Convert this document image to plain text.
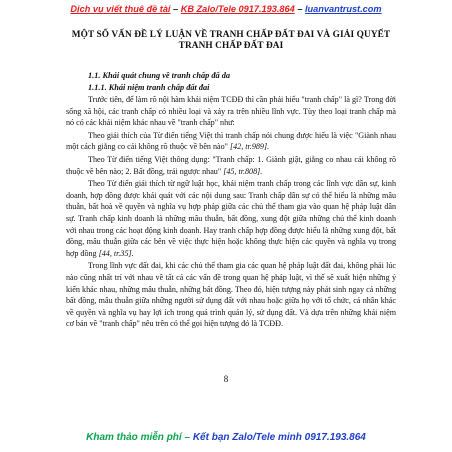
Dịch vụ viết thuê đề tài – KB Zalo/Tele 0917.193.864 – luanvantrust.com
MỘT SỐ VẤN ĐỀ LÝ LUẬN VỀ TRANH CHẤP ĐẤT ĐAI VÀ GIẢI QUYẾT TRANH CHẤP ĐẤT ĐAI
1.1. Khái quát chung về tranh chấp đấ da
1.1.1. Khái niệm tranh chấp đất đai

Trước tiên, để làm rõ nội hàm khái niệm TCĐĐ thì cần phải hiểu "tranh chấp" là gì? Trong đời sống xã hội, các tranh chấp có nhiều loại và xảy ra trên nhiều lĩnh vực. Tùy theo loại tranh chấp mà nó có các khái niệm khác nhau về "tranh chấp" như:

Theo giải thích của Từ điển tiếng Việt thì tranh chấp nói chung được hiểu là việc "Giành nhau một cách giằng co cái không rõ thuộc về bên nào" [42, tr.989].

Theo Từ điển tiếng Việt thông dụng: "Tranh chấp: 1. Giành giật, giằng co nhau cái không rõ thuộc về bên nào; 2. Bất đồng, trái ngược nhau" [45, tr.808].

Theo Từ điển giải thích từ ngữ luật học, khái niệm tranh chấp trong các lĩnh vực dân sự, kinh doanh, hợp đồng được khái quát với các nội dung sau: Tranh chấp dân sự có thể hiểu là những mâu thuẫn, bất hoà về quyền và nghĩa vụ hợp pháp giữa các chủ thể tham gia vào quan hệ pháp luật dân sự. Tranh chấp kinh doanh là những mâu thuẫn, bất đồng, xung đột giữa những chủ thể kinh doanh với nhau trong các hoạt động kinh doanh. Hay tranh chấp hợp đồng được hiểu là những xung đột, bất đồng, mâu thuẫn giữa các bên về việc thực hiện hoặc không thực hiện các quyền và nghĩa vụ trong hợp đồng [44, tr.35].

Trong lĩnh vực đất đai, khi các chủ thể tham gia các quan hệ pháp luật đất đai, không phải lúc nào cũng nhất trí với nhau về tất cả các vấn đề trong quan hệ pháp luật, vì thế sẽ xuất hiện những ý kiến khác nhau, những mâu thuẫn, những bất đồng. Theo đó, hiện tượng này phát sinh ngay cả những bất đồng, mâu thuẫn giữa những người sử dụng đất với nhau hoặc giữa họ với tổ chức, cá nhân khác về quyền và nghĩa vụ hay lợi ích trong quá trình quản lý, sử dụng đất. Và dựa trên những khái niệm cơ bản về "tranh chấp" nêu trên có thể gọi hiện tượng đó là TCĐĐ.

8
Kham thảo miễn phí – Kết bạn Zalo/Tele minh 0917.193.864
